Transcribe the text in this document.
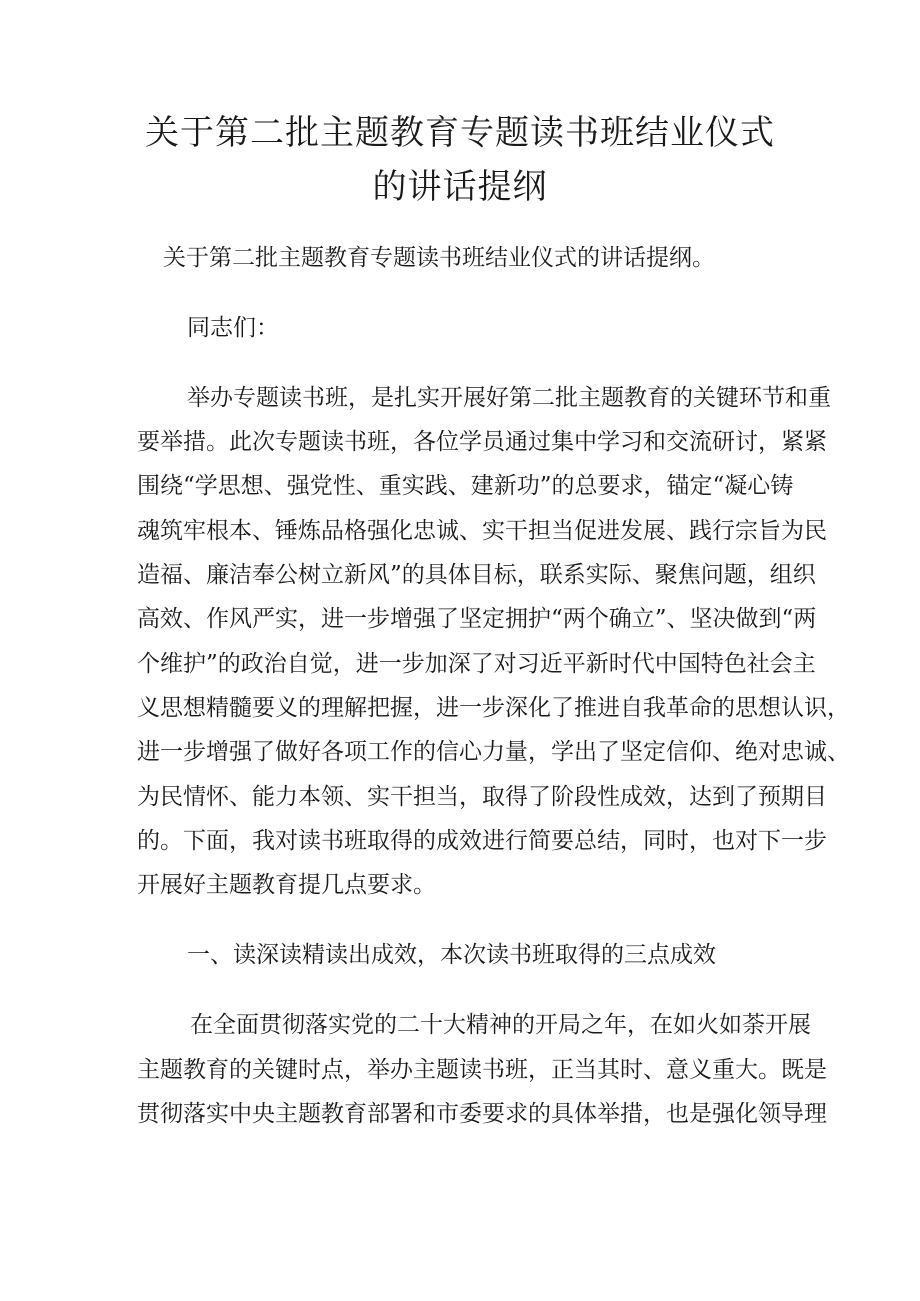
关于第二批主题教育专题读书班结业仪式
的讲话提纲

关于第二批主题教育专题读书班结业仪式的讲话提纲。

同志们：

举办专题读书班，是扎实开展好第二批主题教育的关键环节和重

要举措。此次专题读书班，各位学员通过集中学习和交流研讨，紧紧

围绕“学思想、强党性、重实践、建新功”的总要求，锚定“凝心铸

魂筑牢根本、锤炼品格强化忠诚、实干担当促进发展、践行宗旨为民

造福、廉洁奉公树立新风”的具体目标，联系实际、聚焦问题，组织

高效、作风严实，进一步增强了坚定拥护“两个确立”、坚决做到“两

个维护”的政治自觉，进一步加深了对习近平新时代中国特色社会主

义思想精髓要义的理解把握，进一步深化了推进自我革命的思想认识，

进一步增强了做好各项工作的信心力量，学出了坚定信仰、绝对忠诚、

为民情怀、能力本领、实干担当，取得了阶段性成效，达到了预期目

的。下面，我对读书班取得的成效进行简要总结，同时，也对下一步

开展好主题教育提几点要求。

一、读深读精读出成效，本次读书班取得的三点成效

在全面贯彻落实党的二十大精神的开局之年，在如火如荼开展

主题教育的关键时点，举办主题读书班，正当其时、意义重大。既是

贯彻落实中央主题教育部署和市委要求的具体举措，也是强化领导理
